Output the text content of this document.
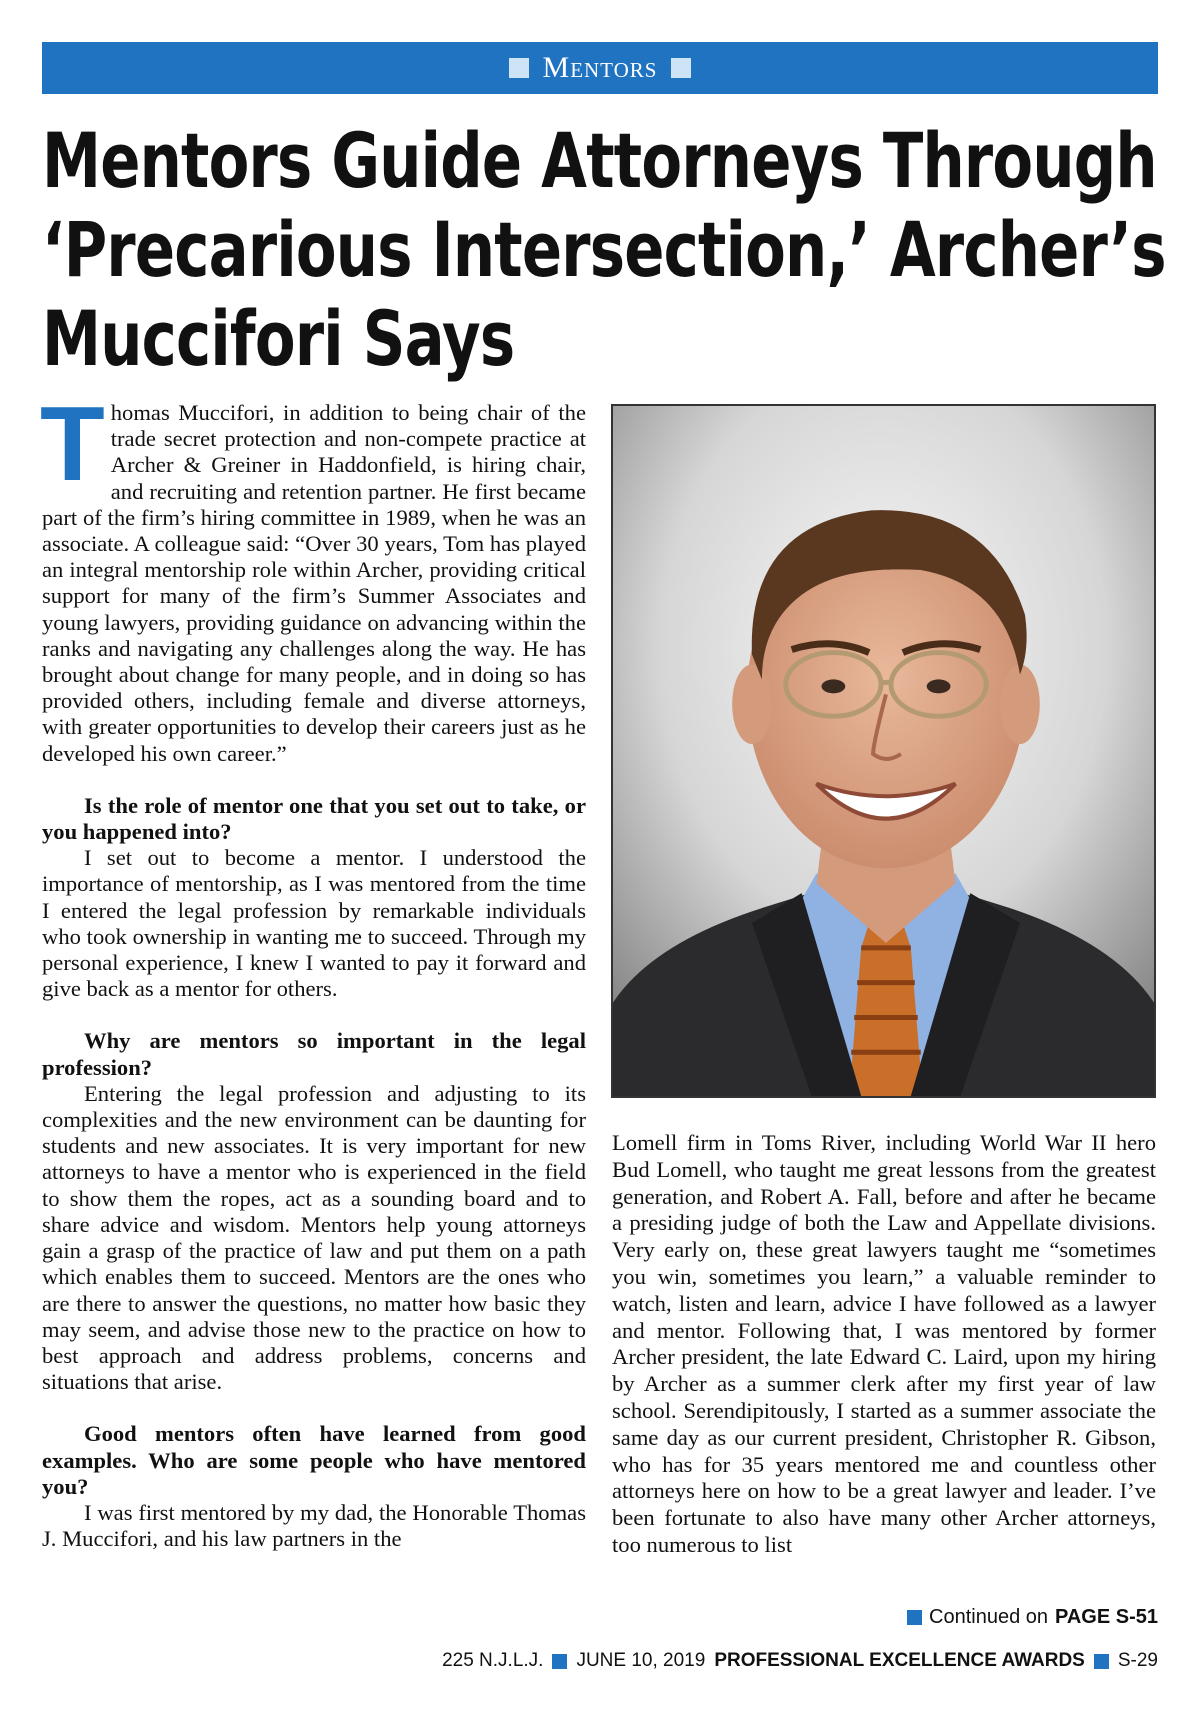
Mentors
Mentors Guide Attorneys Through
‘Precarious Intersection,’ Archer’s
Muccifori Says

Thomas Muccifori, in addition to being chair of the trade secret protection and non-compete practice at Archer & Greiner in Haddonfield, is hiring chair, and recruiting and retention partner. He first became part of the firm’s hiring committee in 1989, when he was an associate. A colleague said: “Over 30 years, Tom has played an integral mentorship role within Archer, providing critical support for many of the firm’s Summer Associates and young lawyers, providing guidance on advancing within the ranks and navigating any challenges along the way. He has brought about change for many people, and in doing so has provided others, including female and diverse attorneys, with greater opportunities to develop their careers just as he developed his own career.”

Is the role of mentor one that you set out to take, or you happened into?

I set out to become a mentor. I understood the importance of mentorship, as I was mentored from the time I entered the legal profession by remarkable individuals who took ownership in wanting me to succeed. Through my personal experience, I knew I wanted to pay it forward and give back as a mentor for others.

Why are mentors so important in the legal profession?

Entering the legal profession and adjusting to its complexities and the new environment can be daunting for students and new associates. It is very important for new attorneys to have a mentor who is experienced in the field to show them the ropes, act as a sounding board and to share advice and wisdom. Mentors help young attorneys gain a grasp of the practice of law and put them on a path which enables them to succeed. Mentors are the ones who are there to answer the questions, no matter how basic they may seem, and advise those new to the practice on how to best approach and address problems, concerns and situations that arise.

Good mentors often have learned from good examples. Who are some people who have mentored you?

I was first mentored by my dad, the Honorable Thomas J. Muccifori, and his law partners in the

Lomell firm in Toms River, including World War II hero Bud Lomell, who taught me great lessons from the greatest generation, and Robert A. Fall, before and after he became a presiding judge of both the Law and Appellate divisions. Very early on, these great lawyers taught me “sometimes you win, sometimes you learn,” a valuable reminder to watch, listen and learn, advice I have followed as a lawyer and mentor. Following that, I was mentored by former Archer president, the late Edward C. Laird, upon my hiring by Archer as a summer clerk after my first year of law school. Serendipitously, I started as a summer associate the same day as our current president, Christopher R. Gibson, who has for 35 years mentored me and countless other attorneys here on how to be a great lawyer and leader. I’ve been fortunate to also have many other Archer attorneys, too numerous to list

Continued on PAGE S-51
225 N.J.L.J. JUNE 10, 2019 PROFESSIONAL EXCELLENCE AWARDS S-29
